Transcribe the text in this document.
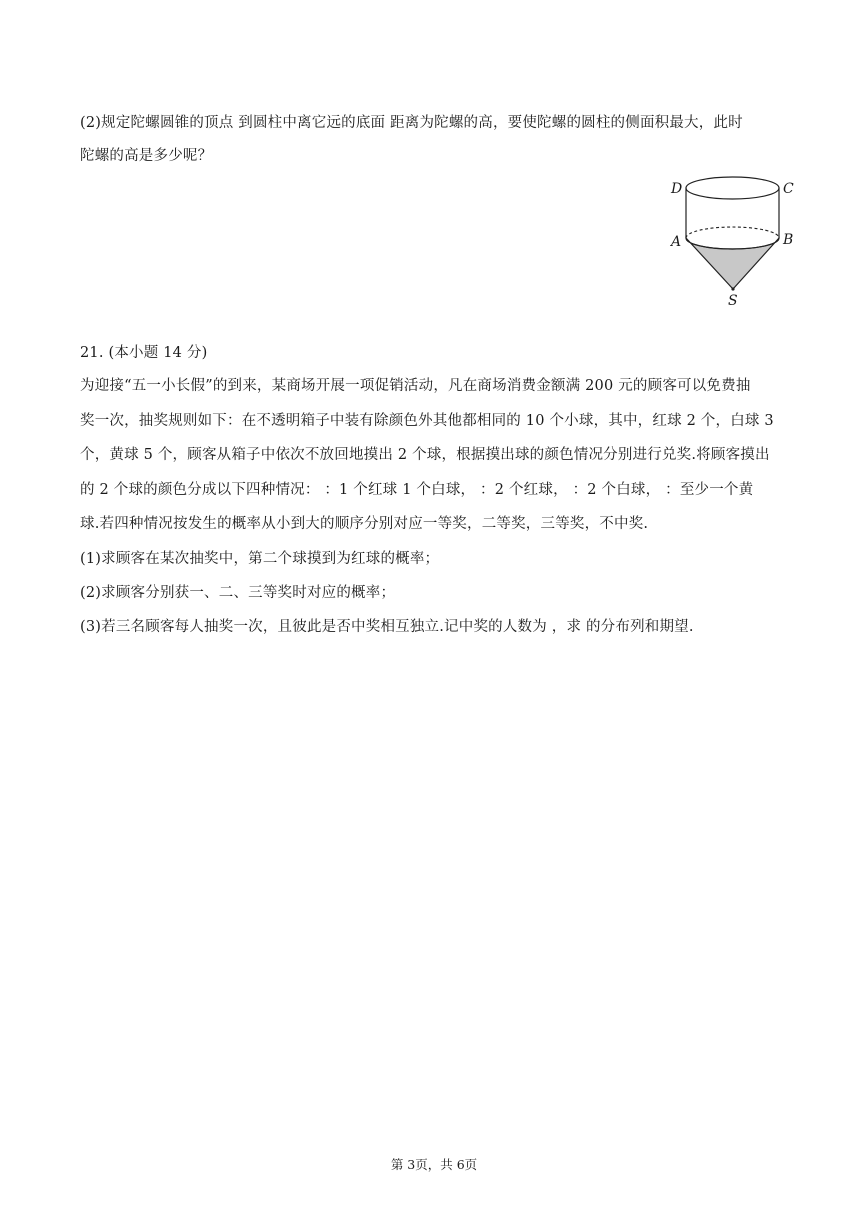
(2)规定陀螺圆锥的顶点 到圆柱中离它远的底面 距离为陀螺的高，要使陀螺的圆柱的侧面积最大，此时
陀螺的高是多少呢？
D	C
A	B
S
21. (本小题 14 分)
为迎接“五一小长假”的到来，某商场开展一项促销活动，凡在商场消费金额满 200 元的顾客可以免费抽
奖一次，抽奖规则如下：在不透明箱子中装有除颜色外其他都相同的 10 个小球，其中，红球 2 个，白球 3
个，黄球 5 个，顾客从箱子中依次不放回地摸出 2 个球，根据摸出球的颜色情况分别进行兑奖.将顾客摸出
的 2 个球的颜色分成以下四种情况： ：1 个红球 1 个白球， ：2 个红球， ：2 个白球， ：至少一个黄
球.若四种情况按发生的概率从小到大的顺序分别对应一等奖，二等奖，三等奖，不中奖.
(1)求顾客在某次抽奖中，第二个球摸到为红球的概率；
(2)求顾客分别获一、二、三等奖时对应的概率；
(3)若三名顾客每人抽奖一次，且彼此是否中奖相互独立.记中奖的人数为 ，求 的分布列和期望.
第 3页，共 6页
